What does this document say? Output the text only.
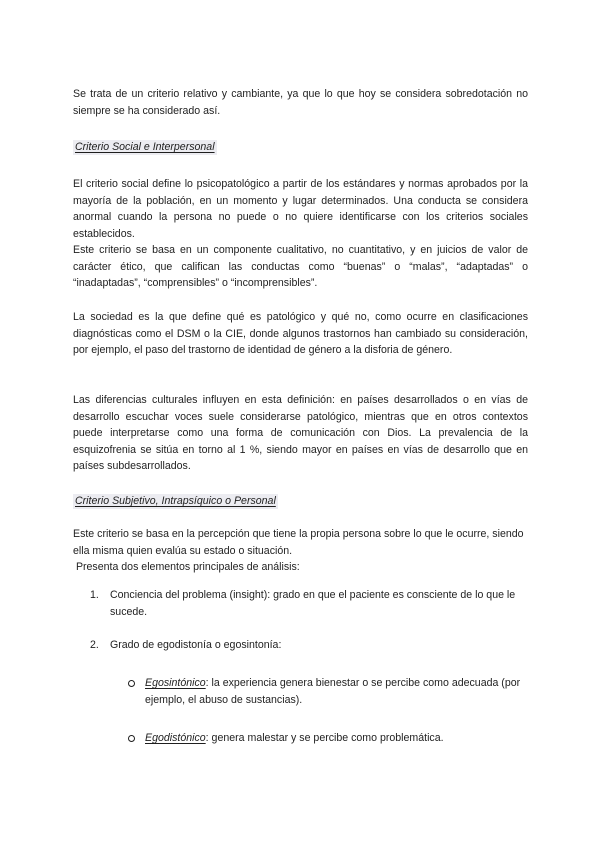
Se trata de un criterio relativo y cambiante, ya que lo que hoy se considera sobredotación no siempre se ha considerado así.

Criterio Social e Interpersonal

El criterio social define lo psicopatológico a partir de los estándares y normas aprobados por la mayoría de la población, en un momento y lugar determinados. Una conducta se considera anormal cuando la persona no puede o no quiere identificarse con los criterios sociales establecidos.

Este criterio se basa en un componente cualitativo, no cuantitativo, y en juicios de valor de carácter ético, que califican las conductas como “buenas” o “malas”, “adaptadas” o “inadaptadas”, “comprensibles” o “incomprensibles”.

La sociedad es la que define qué es patológico y qué no, como ocurre en clasificaciones diagnósticas como el DSM o la CIE, donde algunos trastornos han cambiado su consideración, por ejemplo, el paso del trastorno de identidad de género a la disforia de género.

Las diferencias culturales influyen en esta definición: en países desarrollados o en vías de desarrollo escuchar voces suele considerarse patológico, mientras que en otros contextos puede interpretarse como una forma de comunicación con Dios. La prevalencia de la esquizofrenia se sitúa en torno al 1 %, siendo mayor en países en vías de desarrollo que en países subdesarrollados.

Criterio Subjetivo, Intrapsíquico o Personal

Este criterio se basa en la percepción que tiene la propia persona sobre lo que le ocurre, siendo ella misma quien evalúa su estado o situación.

Presenta dos elementos principales de análisis:

1. Conciencia del problema (insight): grado en que el paciente es consciente de lo que le sucede.
2. Grado de egodistonía o egosintonía:
Egosintónico: la experiencia genera bienestar o se percibe como adecuada (por ejemplo, el abuso de sustancias).
Egodistónico: genera malestar y se percibe como problemática.
